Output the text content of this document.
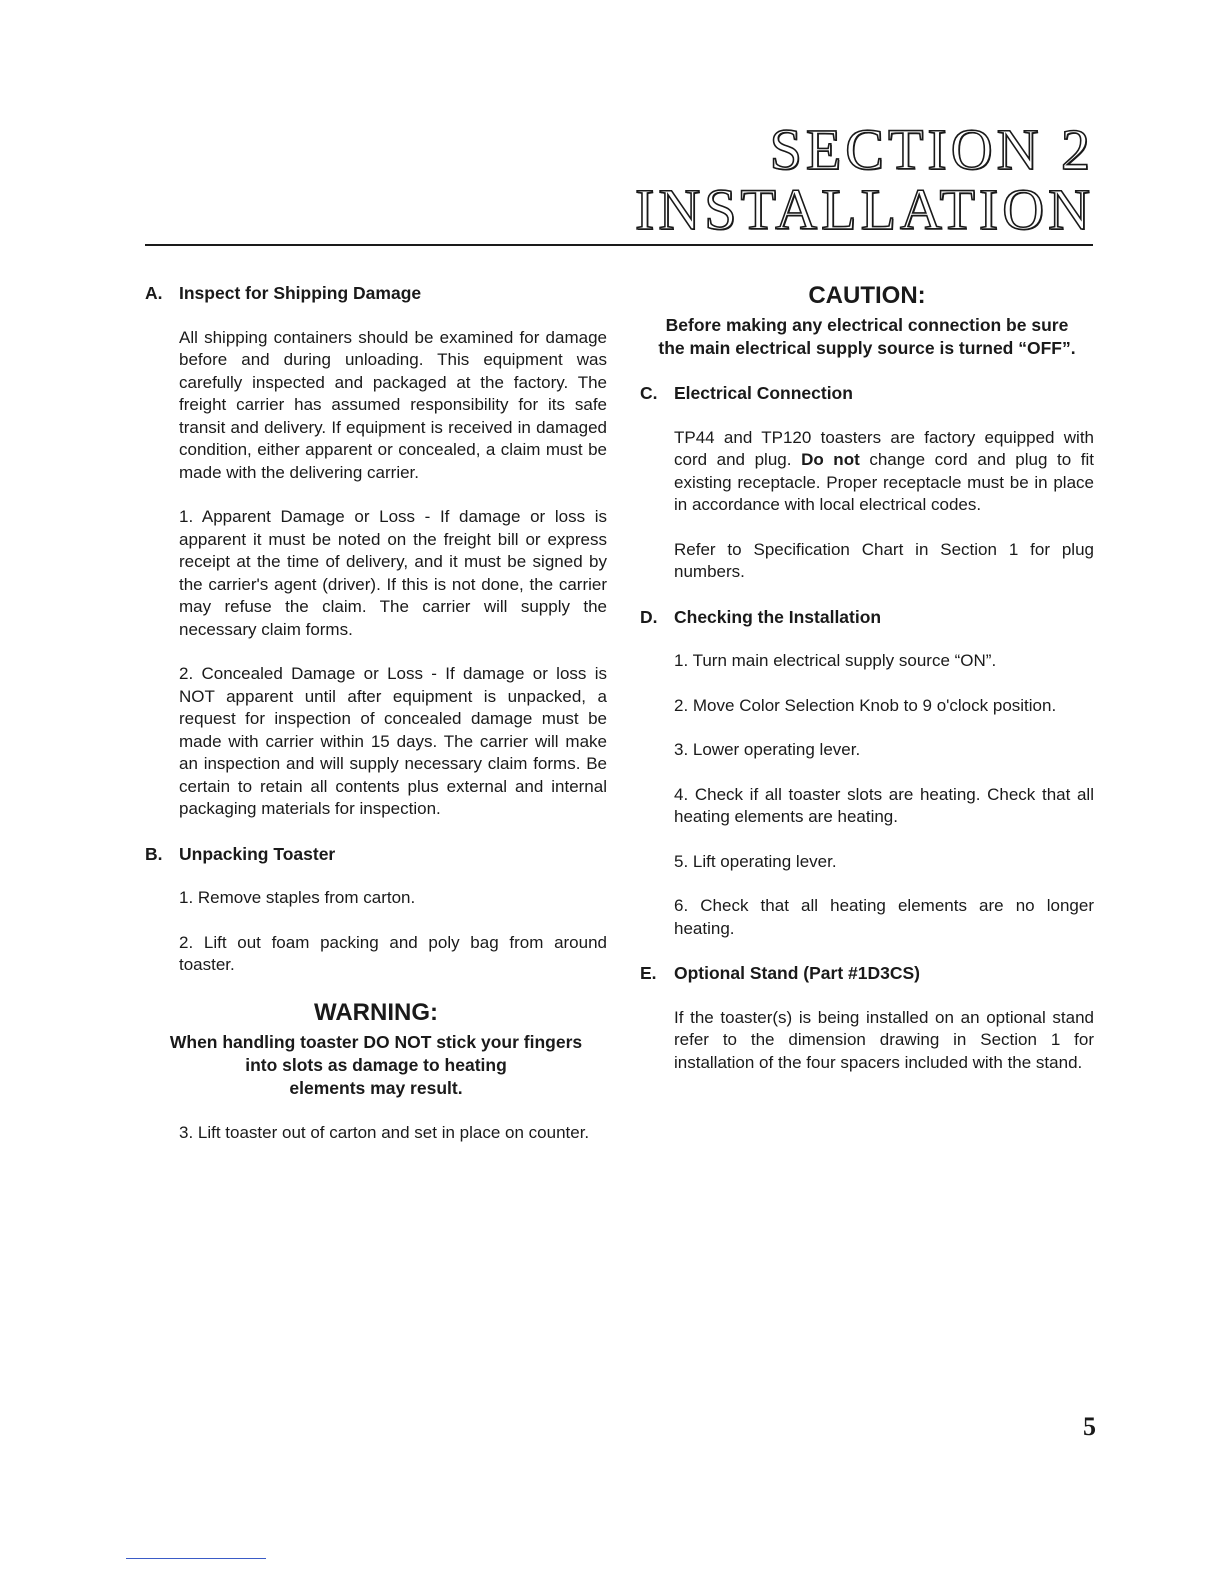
SECTION 2
INSTALLATION
A. Inspect for Shipping Damage

All shipping containers should be examined for damage before and during unloading. This equipment was carefully inspected and packaged at the factory. The freight carrier has assumed responsibility for its safe transit and delivery. If equipment is received in damaged condition, either apparent or concealed, a claim must be made with the delivering carrier.

1. Apparent Damage or Loss - If damage or loss is apparent it must be noted on the freight bill or express receipt at the time of delivery, and it must be signed by the carrier's agent (driver). If this is not done, the carrier may refuse the claim. The carrier will supply the necessary claim forms.

2. Concealed Damage or Loss - If damage or loss is NOT apparent until after equipment is unpacked, a request for inspection of concealed damage must be made with carrier within 15 days. The carrier will make an inspection and will supply necessary claim forms. Be certain to retain all contents plus external and internal packaging materials for inspection.

B. Unpacking Toaster

1. Remove staples from carton.

2. Lift out foam packing and poly bag from around toaster.

WARNING:
When handling toaster DO NOT stick your fingers
into slots as damage to heating
elements may result.

3. Lift toaster out of carton and set in place on counter.

CAUTION:
Before making any electrical connection be sure
the main electrical supply source is turned “OFF”.
C. Electrical Connection

TP44 and TP120 toasters are factory equipped with cord and plug. Do not change cord and plug to fit existing receptacle. Proper receptacle must be in place in accordance with local electrical codes.

Refer to Specification Chart in Section 1 for plug numbers.

D. Checking the Installation

1. Turn main electrical supply source “ON”.

2. Move Color Selection Knob to 9 o'clock position.

3. Lower operating lever.

4. Check if all toaster slots are heating. Check that all heating elements are heating.

5. Lift operating lever.

6. Check that all heating elements are no longer heating.

E. Optional Stand (Part #1D3CS)

If the toaster(s) is being installed on an optional stand refer to the dimension drawing in Section 1 for installation of the four spacers included with the stand.

5
